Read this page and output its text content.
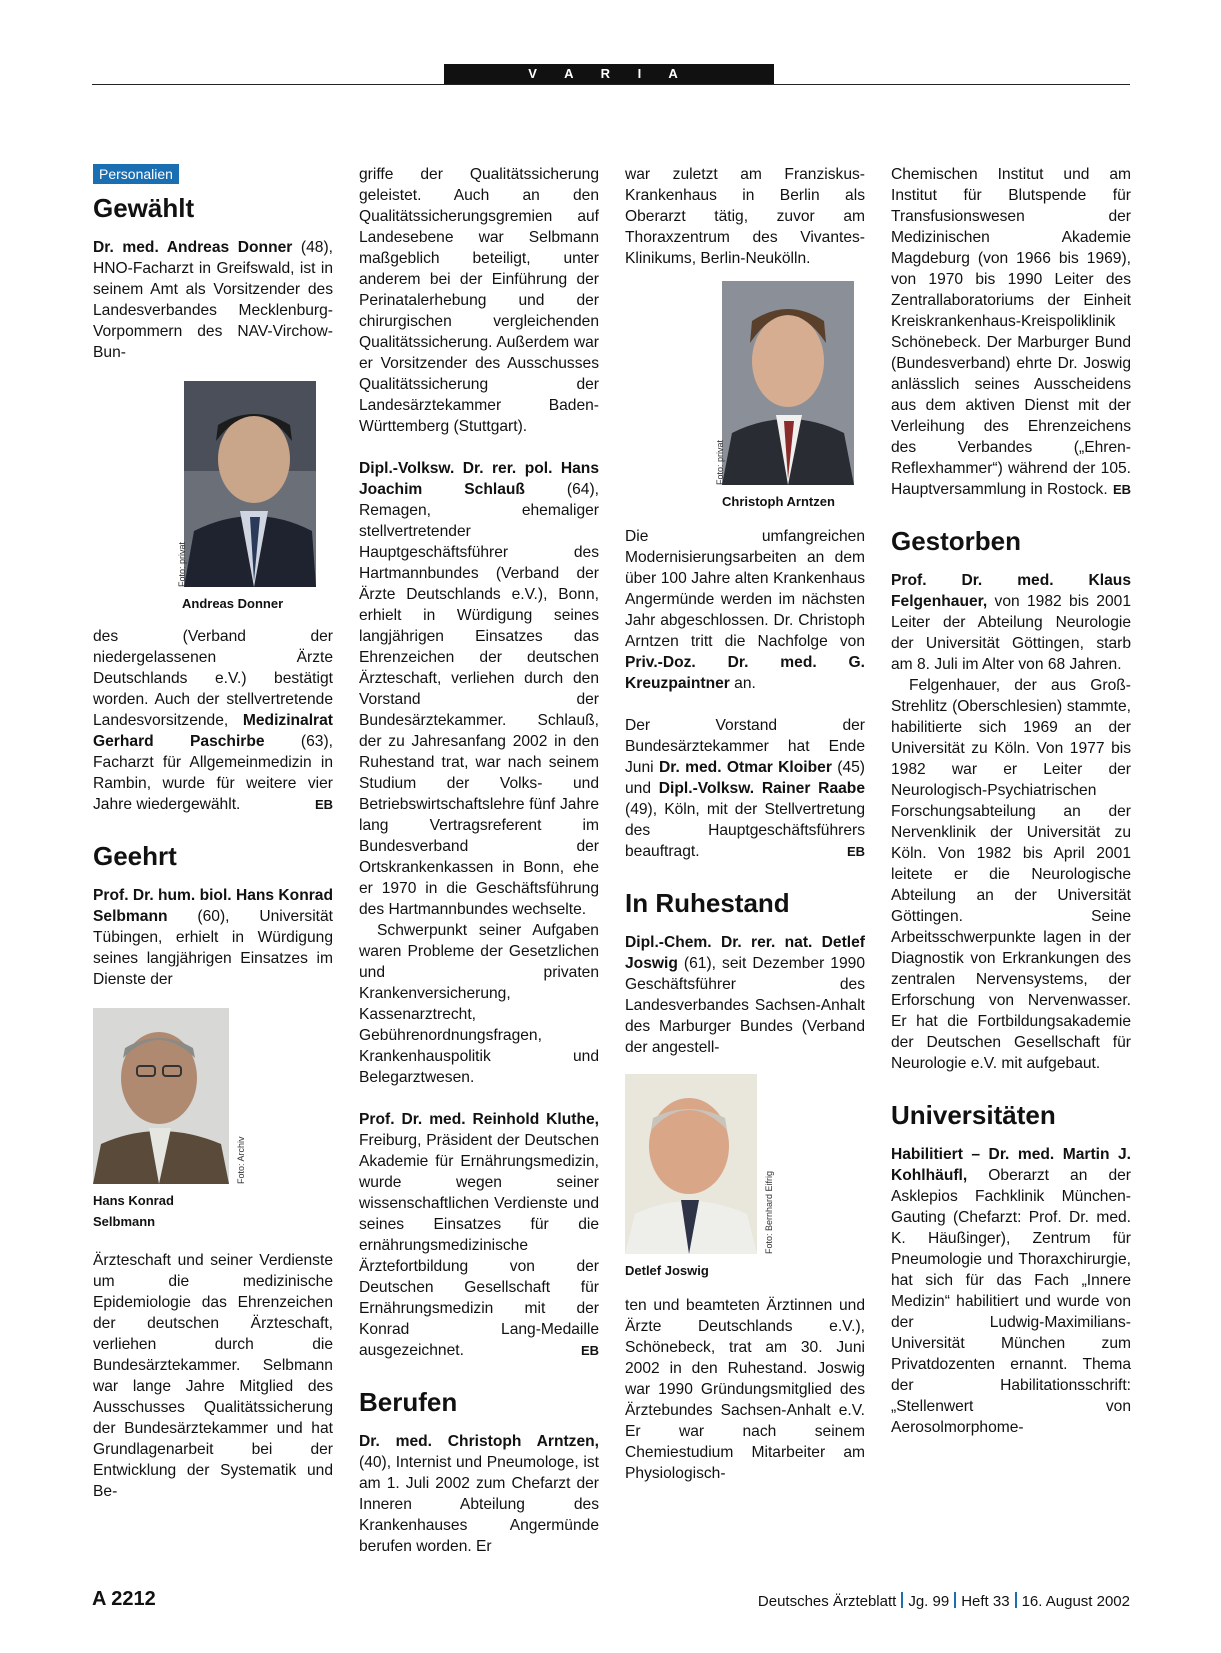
V A R I A
Personalien
Gewählt

Dr. med. Andreas Donner (48), HNO-Facharzt in Greifswald, ist in seinem Amt als Vorsitzender des Landesverbandes Mecklenburg-Vorpommern des NAV-Virchow-Bun-

Foto: privat
Andreas Donner

des (Verband der niedergelassenen Ärzte Deutschlands e.V.) bestätigt worden. Auch der stellvertretende Landesvorsitzende, Medizinalrat Gerhard Paschirbe (63), Facharzt für Allgemeinmedizin in Rambin, wurde für weitere vier Jahre wiedergewählt.	EB

Geehrt

Prof. Dr. hum. biol. Hans Konrad Selbmann (60), Universität Tübingen, erhielt in Würdigung seines langjährigen Einsatzes im Dienste der

Foto: Archiv
Hans Konrad Selbmann

Ärzteschaft und seiner Verdienste um die medizinische Epidemiologie das Ehrenzeichen der deutschen Ärzteschaft, verliehen durch die Bundesärztekammer. Selbmann war lange Jahre Mitglied des Ausschusses Qualitätssicherung der Bundesärztekammer und hat Grundlagenarbeit bei der Entwicklung der Systematik und Be-

griffe der Qualitätssicherung geleistet. Auch an den Qualitätssicherungsgremien auf Landesebene war Selbmann maßgeblich beteiligt, unter anderem bei der Einführung der Perinatalerhebung und der chirurgischen vergleichenden Qualitätssicherung. Außerdem war er Vorsitzender des Ausschusses Qualitätssicherung der Landesärztekammer Baden-Württemberg (Stuttgart).

Dipl.-Volksw. Dr. rer. pol. Hans Joachim Schlauß (64), Remagen, ehemaliger stellvertretender Hauptgeschäftsführer des Hartmannbundes (Verband der Ärzte Deutschlands e.V.), Bonn, erhielt in Würdigung seines langjährigen Einsatzes das Ehrenzeichen der deutschen Ärzteschaft, verliehen durch den Vorstand der Bundesärztekammer. Schlauß, der zu Jahresanfang 2002 in den Ruhestand trat, war nach seinem Studium der Volks- und Betriebswirtschaftslehre fünf Jahre lang Vertragsreferent im Bundesverband der Ortskrankenkassen in Bonn, ehe er 1970 in die Geschäftsführung des Hartmannbundes wechselte.

Schwerpunkt seiner Aufgaben waren Probleme der Gesetzlichen und privaten Krankenversicherung, Kassenarztrecht, Gebührenordnungsfragen, Krankenhauspolitik und Belegarztwesen.

Prof. Dr. med. Reinhold Kluthe, Freiburg, Präsident der Deutschen Akademie für Ernährungsmedizin, wurde wegen seiner wissenschaftlichen Verdienste und seines Einsatzes für die ernährungsmedizinische Ärztefortbildung von der Deutschen Gesellschaft für Ernährungsmedizin mit der Konrad Lang-Medaille ausgezeichnet.	EB

Berufen

Dr. med. Christoph Arntzen, (40), Internist und Pneumologe, ist am 1. Juli 2002 zum Chefarzt der Inneren Abteilung des Krankenhauses Angermünde berufen worden. Er

war zuletzt am Franziskus-Krankenhaus in Berlin als Oberarzt tätig, zuvor am Thoraxzentrum des Vivantes-Klinikums, Berlin-Neukölln.

Foto: privat
Christoph Arntzen

Die umfangreichen Modernisierungsarbeiten an dem über 100 Jahre alten Krankenhaus Angermünde werden im nächsten Jahr abgeschlossen. Dr. Christoph Arntzen tritt die Nachfolge von Priv.-Doz. Dr. med. G. Kreuzpaintner an.

Der Vorstand der Bundesärztekammer hat Ende Juni Dr. med. Otmar Kloiber (45) und Dipl.-Volksw. Rainer Raabe (49), Köln, mit der Stellvertretung des Hauptgeschäftsführers beauftragt.	EB

In Ruhestand

Dipl.-Chem. Dr. rer. nat. Detlef Joswig (61), seit Dezember 1990 Geschäftsführer des Landesverbandes Sachsen-Anhalt des Marburger Bundes (Verband der angestell-

Foto: Bernhard Eifrig
Detlef Joswig

ten und beamteten Ärztinnen und Ärzte Deutschlands e.V.), Schönebeck, trat am 30. Juni 2002 in den Ruhestand. Joswig war 1990 Gründungsmitglied des Ärztebundes Sachsen-Anhalt e.V. Er war nach seinem Chemiestudium Mitarbeiter am Physiologisch-

Chemischen Institut und am Institut für Blutspende für Transfusionswesen der Medizinischen Akademie Magdeburg (von 1966 bis 1969), von 1970 bis 1990 Leiter des Zentrallaboratoriums der Einheit Kreiskrankenhaus-Kreispoliklinik Schönebeck. Der Marburger Bund (Bundesverband) ehrte Dr. Joswig anlässlich seines Ausscheidens aus dem aktiven Dienst mit der Verleihung des Ehrenzeichens des Verbandes („Ehren-Reflexhammer“) während der 105. Hauptversammlung in Rostock. EB

Gestorben

Prof. Dr. med. Klaus Felgenhauer, von 1982 bis 2001 Leiter der Abteilung Neurologie der Universität Göttingen, starb am 8. Juli im Alter von 68 Jahren.

Felgenhauer, der aus Groß-Strehlitz (Oberschlesien) stammte, habilitierte sich 1969 an der Universität zu Köln. Von 1977 bis 1982 war er Leiter der Neurologisch-Psychiatrischen Forschungsabteilung an der Nervenklinik der Universität zu Köln. Von 1982 bis April 2001 leitete er die Neurologische Abteilung an der Universität Göttingen. Seine Arbeitsschwerpunkte lagen in der Diagnostik von Erkrankungen des zentralen Nervensystems, der Erforschung von Nervenwasser. Er hat die Fortbildungsakademie der Deutschen Gesellschaft für Neurologie e.V. mit aufgebaut.

Universitäten

Habilitiert – Dr. med. Martin J. Kohlhäufl, Oberarzt an der Asklepios Fachklinik München-Gauting (Chefarzt: Prof. Dr. med. K. Häußinger), Zentrum für Pneumologie und Thoraxchirurgie, hat sich für das Fach „Innere Medizin“ habilitiert und wurde von der Ludwig-Maximilians-Universität München zum Privatdozenten ernannt. Thema der Habilitationsschrift: „Stellenwert von Aerosolmorphome-

A 2212	Deutsches Ärzteblatt Jg. 99 Heft 33 16. August 2002
